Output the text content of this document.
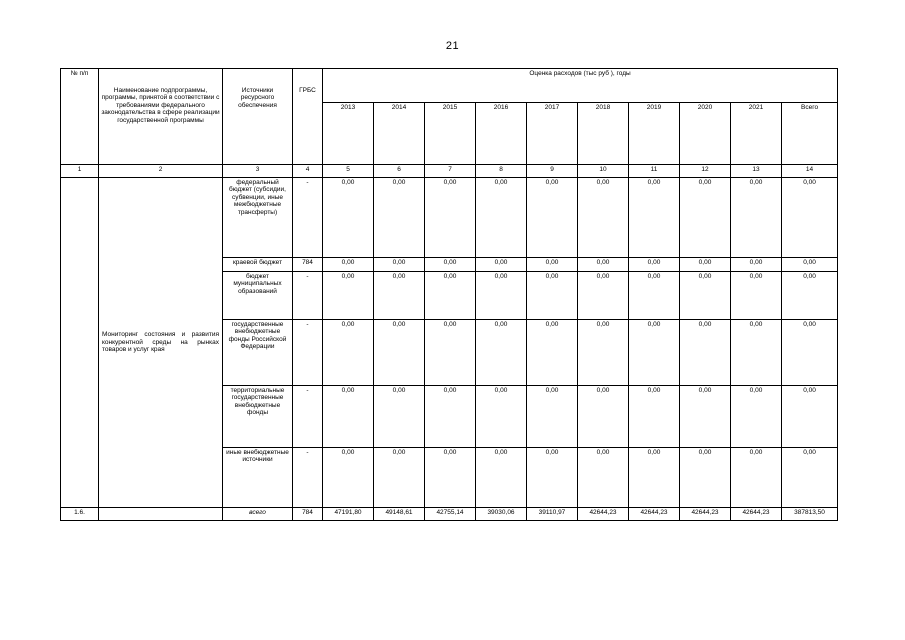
21
№ п/п	Наименование подпрограммы, программы, принятой в соответствии с требованиями федерального законодательства в сфере реализации государственной программы	Источники ресурсного обеспечения	ГРБС	Оценка расходов (тыс руб ), годы									
				2013	2014	2015	2016	2017	2018	2019	2020	2021	Всего
1	2	3	4	5	6	7	8	9	10	11	12	13	14
	Мониторинг состояния и развития конкурентной среды на рынках товаров и услуг края	федеральный бюджет (субсидии, субвенции, иные межбюджетные трансферты)	-	0,00	0,00	0,00	0,00	0,00	0,00	0,00	0,00	0,00	0,00
		краевой бюджет	784	0,00	0,00	0,00	0,00	0,00	0,00	0,00	0,00	0,00	0,00
		бюджет муниципальных образований	-	0,00	0,00	0,00	0,00	0,00	0,00	0,00	0,00	0,00	0,00
		государственные внебюджетные фонды Российской Федерации	-	0,00	0,00	0,00	0,00	0,00	0,00	0,00	0,00	0,00	0,00
		территориальные государственные внебюджетные фонды	-	0,00	0,00	0,00	0,00	0,00	0,00	0,00	0,00	0,00	0,00
		иные внебюджетные источники	-	0,00	0,00	0,00	0,00	0,00	0,00	0,00	0,00	0,00	0,00
1.6.		всего	784	47191,80	49148,61	42755,14	39030,06	39110,97	42644,23	42644,23	42644,23	42644,23	387813,50
